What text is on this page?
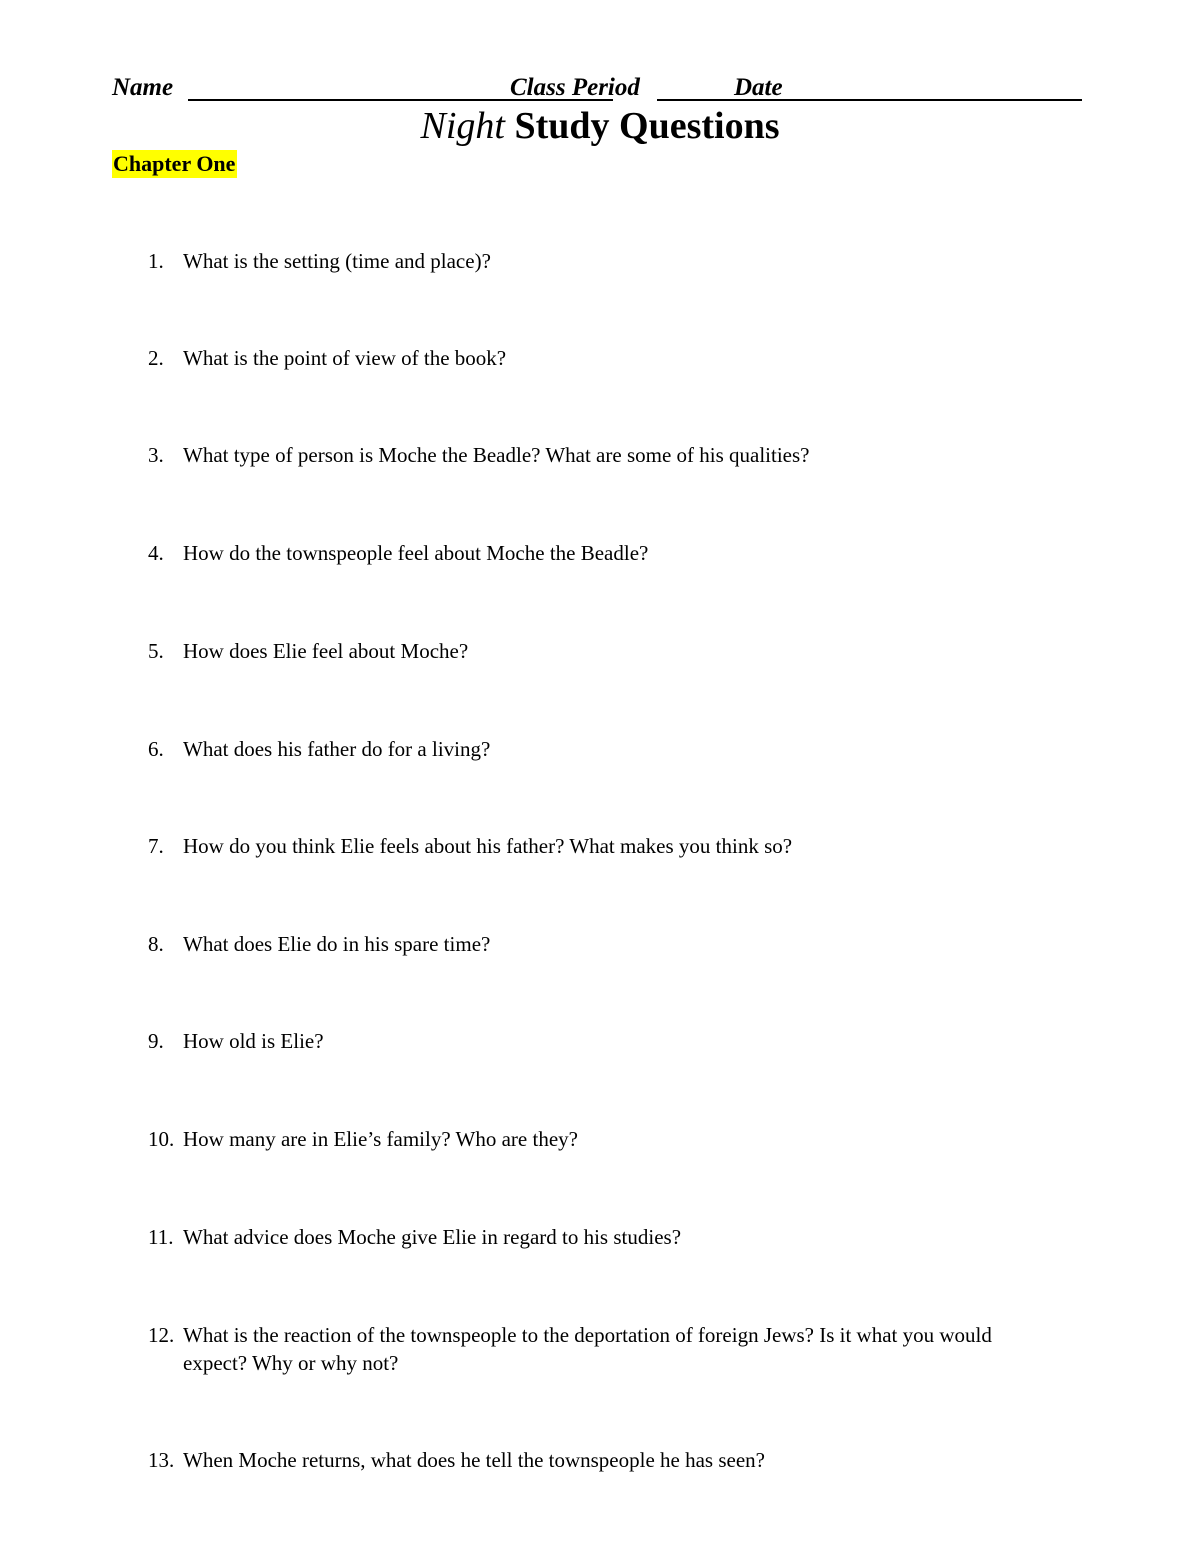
Name	Class Period	Date
Night Study Questions
Chapter One
1. What is the setting (time and place)?
2. What is the point of view of the book?
3. What type of person is Moche the Beadle? What are some of his qualities?
4. How do the townspeople feel about Moche the Beadle?
5. How does Elie feel about Moche?
6. What does his father do for a living?
7. How do you think Elie feels about his father? What makes you think so?
8. What does Elie do in his spare time?
9. How old is Elie?
10. How many are in Elie’s family? Who are they?
11. What advice does Moche give Elie in regard to his studies?
12. What is the reaction of the townspeople to the deportation of foreign Jews? Is it what you would expect? Why or why not?
13. When Moche returns, what does he tell the townspeople he has seen?
